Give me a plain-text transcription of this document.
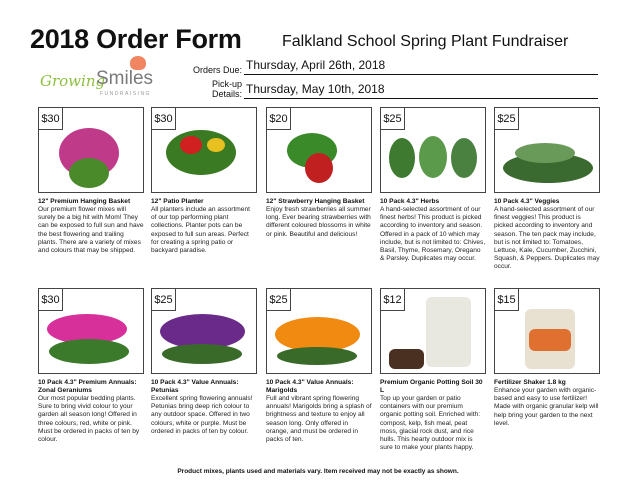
2018 Order Form	Falkland School Spring Plant Fundraiser
Growing
Smiles
FUNDRAISING
Orders Due: Thursday, April 26th, 2018
Pick-up Details: Thursday, May 10th, 2018
$30
12" Premium Hanging Basket
Our premium flower mixes will surely be a big hit with Mom! They can be exposed to full sun and have the best flowering and trailing plants. There are a variety of mixes and colours that may be shipped.
$30
12" Patio Planter
All planters include an assortment of our top performing plant collections. Planter pots can be exposed to full sun areas. Perfect for creating a spring patio or backyard paradise.
$20
12" Strawberry Hanging Basket
Enjoy fresh strawberries all summer long. Ever bearing strawberries with different coloured blossoms in white or pink. Beautiful and delicious!
$25
10 Pack 4.3" Herbs
A hand-selected assortment of our finest herbs! This product is picked according to inventory and season. Offered in a pack of 10 which may include, but is not limited to: Chives, Basil, Thyme, Rosemary, Oregano & Parsley. Duplicates may occur.
$25
10 Pack 4.3" Veggies
A hand-selected assortment of our finest veggies! This product is picked according to inventory and season. The ten pack may include, but is not limited to: Tomatoes, Lettuce, Kale, Cucumber, Zucchini, Squash, & Peppers. Duplicates may occur.
$30
10 Pack 4.3" Premium Annuals: Zonal Geraniums
Our most popular bedding plants. Sure to bring vivid colour to your garden all season long! Offered in three colours, red, white or pink. Must be ordered in packs of ten by colour.
$25
10 Pack 4.3" Value Annuals: Petunias
Excellent spring flowering annuals! Petunias bring deep rich colour to any outdoor space. Offered in two colours, white or purple. Must be ordered in packs of ten by colour.
$25
10 Pack 4.3" Value Annuals: Marigolds
Full and vibrant spring flowering annuals! Marigolds bring a splash of brightness and texture to enjoy all season long. Only offered in orange, and must be ordered in packs of ten.
$12
Premium Organic Potting Soil 30 L
Top up your garden or patio containers with our premium organic potting soil. Enriched with: compost, kelp, fish meal, peat moss, glacial rock dust, and rice hulls. This hearty outdoor mix is sure to make your plants happy.
$15
Fertilizer Shaker 1.8 kg
Enhance your garden with organic-based and easy to use fertilizer! Made with organic granular kelp will help bring your garden to the next level.
Product mixes, plants used and materials vary. Item received may not be exactly as shown.
